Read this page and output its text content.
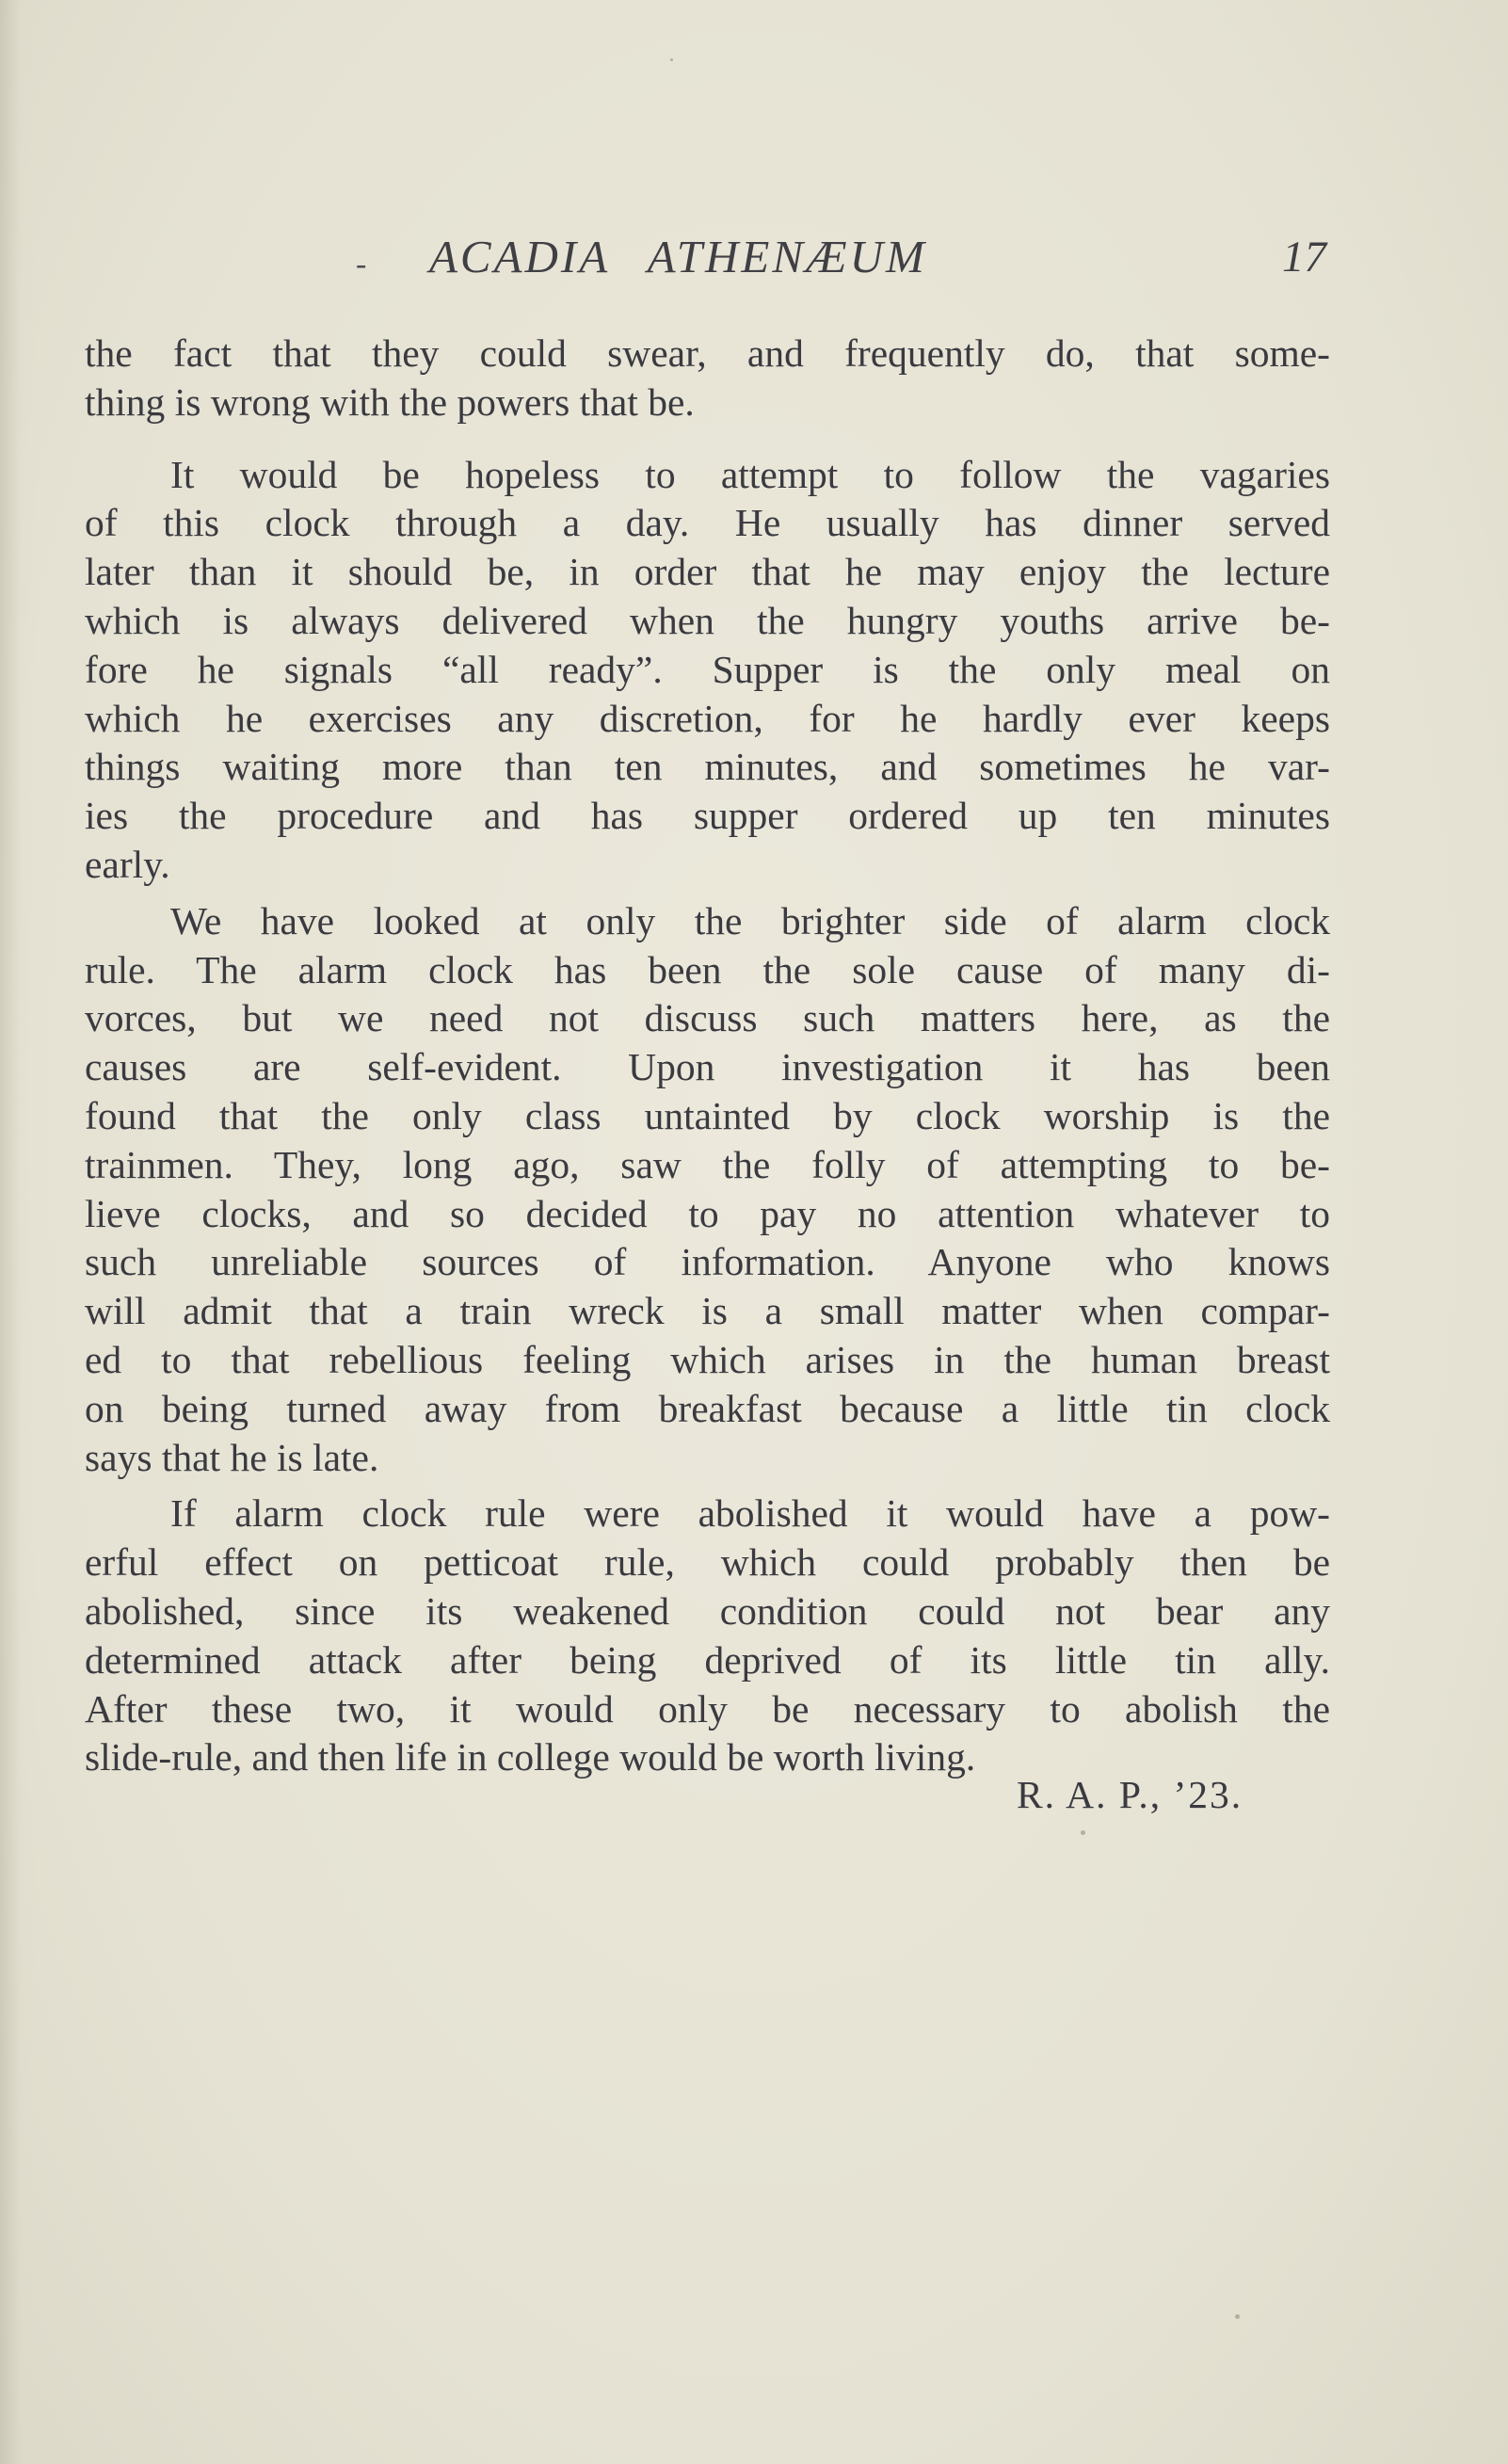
- ACADIA ATHENÆUM	17
the fact that they could swear, and frequently do, that some-
thing is wrong with the powers that be.
It would be hopeless to attempt to follow the vagaries
of this clock through a day. He usually has dinner served
later than it should be, in order that he may enjoy the lecture
which is always delivered when the hungry youths arrive be-
fore he signals “all ready”. Supper is the only meal on
which he exercises any discretion, for he hardly ever keeps
things waiting more than ten minutes, and sometimes he var-
ies the procedure and has supper ordered up ten minutes
early.
We have looked at only the brighter side of alarm clock
rule. The alarm clock has been the sole cause of many di-
vorces, but we need not discuss such matters here, as the
causes are self-evident. Upon investigation it has been
found that the only class untainted by clock worship is the
trainmen. They, long ago, saw the folly of attempting to be-
lieve clocks, and so decided to pay no attention whatever to
such unreliable sources of information. Anyone who knows
will admit that a train wreck is a small matter when compar-
ed to that rebellious feeling which arises in the human breast
on being turned away from breakfast because a little tin clock
says that he is late.
If alarm clock rule were abolished it would have a pow-
erful effect on petticoat rule, which could probably then be
abolished, since its weakened condition could not bear any
determined attack after being deprived of its little tin ally.
After these two, it would only be necessary to abolish the
slide-rule, and then life in college would be worth living.
R. A. P., ’23.
